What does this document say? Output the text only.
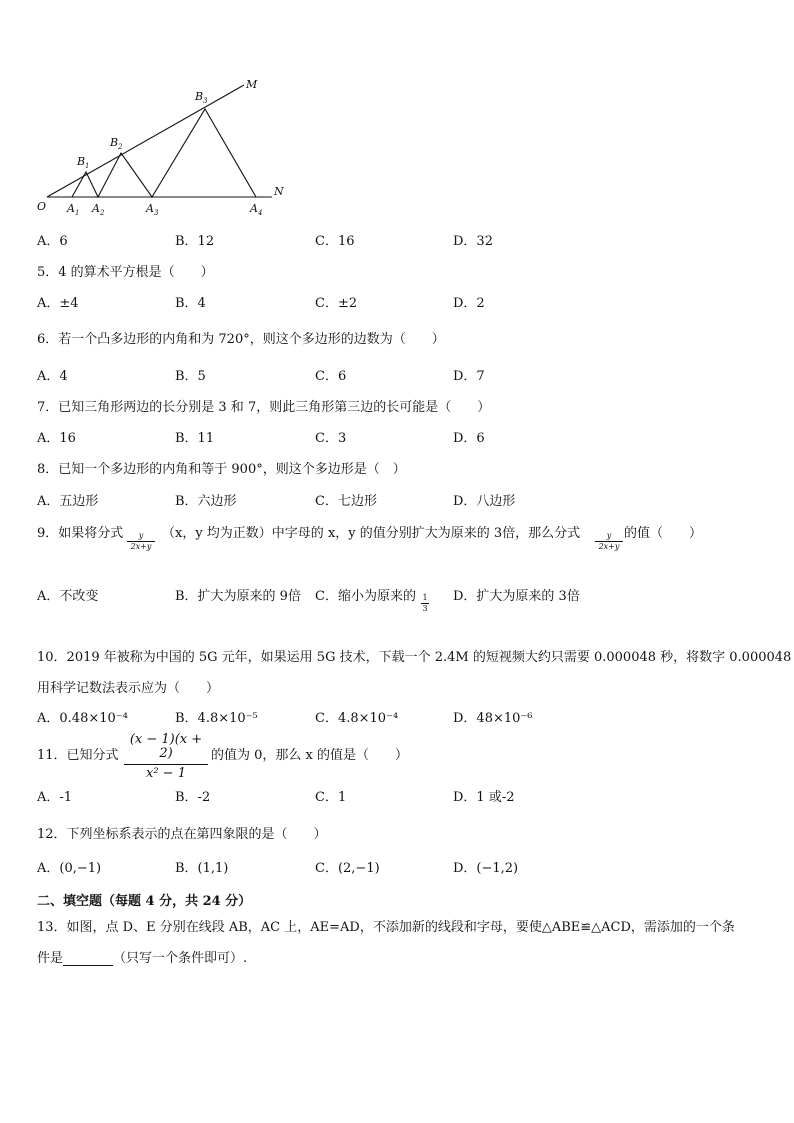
O
M
N
B 1
B 2
B 3
A 1 A 2	A 3	A 4
A．6	B．12	C．16	D．32
5．4 的算术平方根是（　　）
A．±4	B．4	C．±2	D．2
6．若一个凸多边形的内角和为 720°，则这个多边形的边数为（　　）
A．4	B．5	C．6	D．7
7．已知三角形两边的长分别是 3 和 7，则此三角形第三边的长可能是（　　）
A．16	B．11	C．3	D．6
8．已知一个多边形的内角和等于 900°，则这个多边形是（　）
A．五边形	B．六边形	C．七边形	D．八边形
9．如果将分式	y
2x+y
（x，y 均为正数）中字母的 x，y 的值分别扩大为原来的 3倍，那么分式	y
2x+y
的值（　　）
A．不改变	B．扩大为原来的 9倍 C．缩小为原来的 1
3
D．扩大为原来的 3倍
10．2019 年被称为中国的 5G 元年，如果运用 5G 技术，下载一个 2.4M 的短视频大约只需要 0.000048 秒，将数字 0.000048
用科学记数法表示应为（　　）
A．0.48×10⁻⁴	B．4.8×10⁻⁵	C．4.8×10⁻⁴	D．48×10⁻⁶
11．已知分式
(x − 1)(x + 2)
x² − 1
的值为 0，那么 x 的值是（　　）
A．-1	B．-2	C．1	D．1 或-2
12．下列坐标系表示的点在第四象限的是（　　）
A．(0,−1)	B．(1,1)	C．(2,−1)	D．(−1,2)
二、填空题（每题 4 分，共 24 分）
13．如图，点 D、E 分别在线段 AB，AC 上，AE=AD，不添加新的线段和字母，要使△ABE≌△ACD，需添加的一个条
件是	（只写一个条件即可）.
